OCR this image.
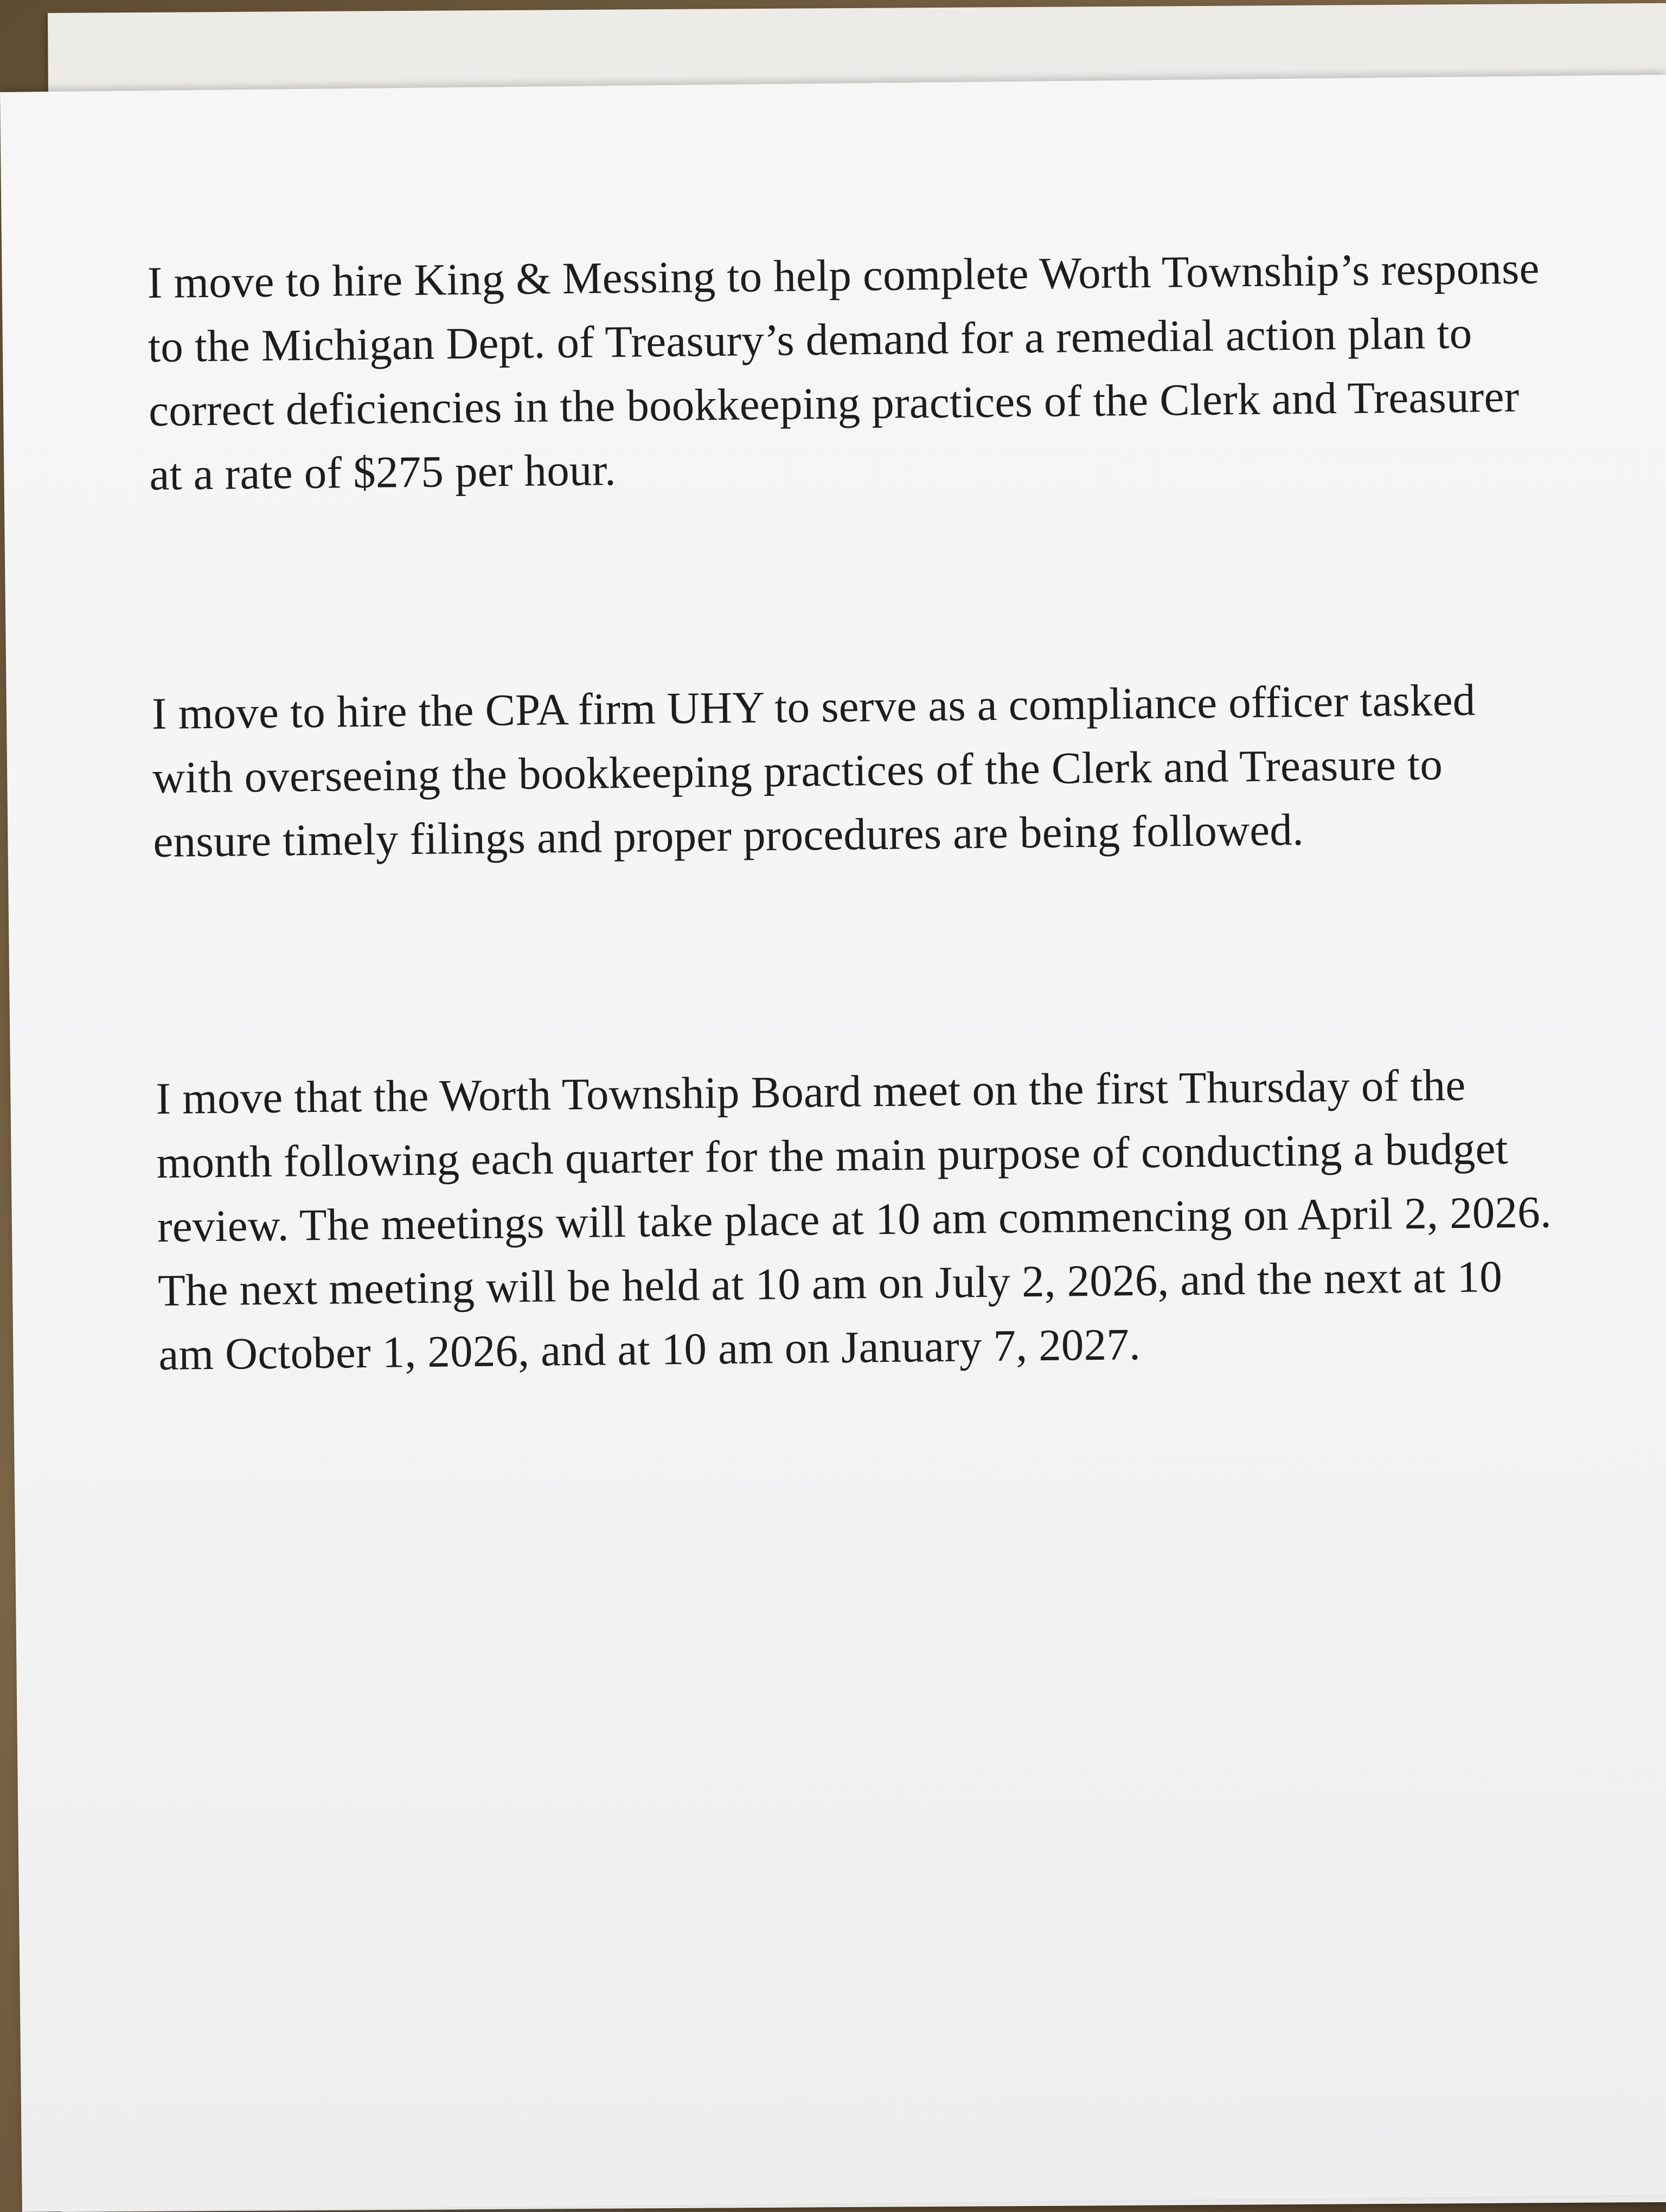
I move to hire King & Messing to help complete Worth Township’s response to the Michigan Dept. of Treasury’s demand for a remedial action plan to correct deficiencies in the bookkeeping practices of the Clerk and Treasurer at a rate of $275 per hour.

I move to hire the CPA firm UHY to serve as a compliance officer tasked with overseeing the bookkeeping practices of the Clerk and Treasure to ensure timely filings and proper procedures are being followed.

I move that the Worth Township Board meet on the first Thursday of the month following each quarter for the main purpose of conducting a budget review. The meetings will take place at 10 am commencing on April 2, 2026. The next meeting will be held at 10 am on July 2, 2026, and the next at 10 am October 1, 2026, and at 10 am on January 7, 2027.
